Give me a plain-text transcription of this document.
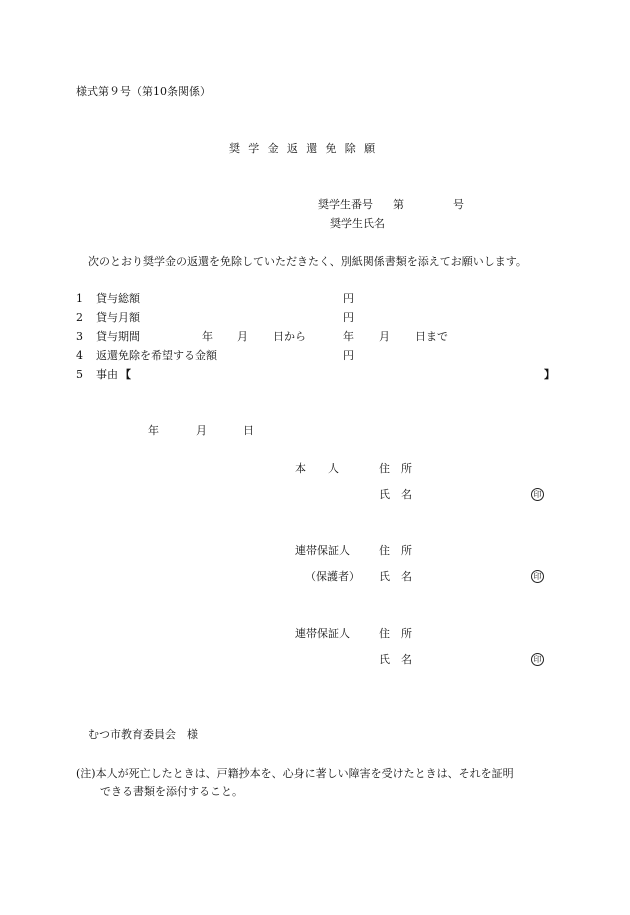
様式第９号（第10条関係）
奨学金返還免除願
奨学生番号 第	号
奨学生氏名
次のとおり奨学金の返還を免除していただきたく、別紙関係書類を添えてお願いします。
1 貸与総額	円
2 貸与月額	円
3 貸与期間	年 月 日から	年 月 日まで
4 返還免除を希望する金額	円
5 事由 【	】
年	月	日
本　　人	住　所
氏　名	印
連帯保証人	住　所
（保護者） 氏　名	印
連帯保証人	住　所
氏　名	印
むつ市教育委員会　様
(注)本人が死亡したときは、戸籍抄本を、心身に著しい障害を受けたときは、それを証明
できる書類を添付すること。
